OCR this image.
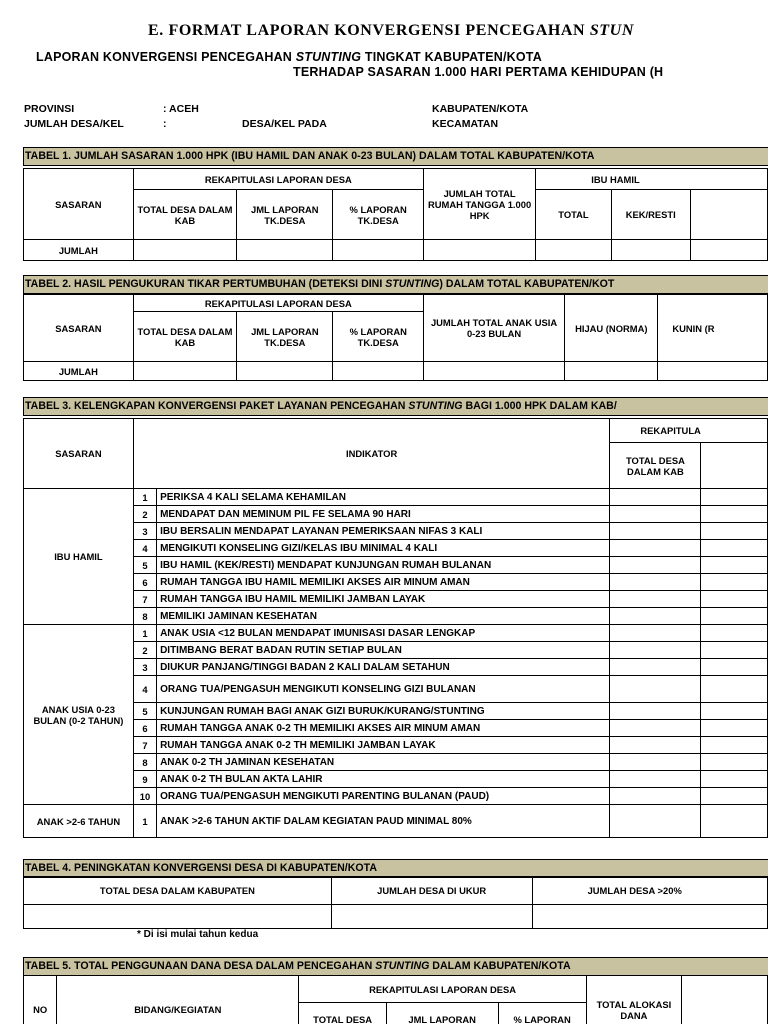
E. FORMAT LAPORAN KONVERGENSI PENCEGAHAN STUN
LAPORAN KONVERGENSI PENCEGAHAN STUNTING TINGKAT KABUPATEN/KOTA
TERHADAP SASARAN 1.000 HARI PERTAMA KEHIDUPAN (H
PROVINSI	: ACEH
JUMLAH DESA/KEL	:	DESA/KEL PADA
KABUPATEN/KOTA
KECAMATAN
TABEL 1. JUMLAH SASARAN 1.000 HPK (IBU HAMIL DAN ANAK 0-23 BULAN) DALAM TOTAL KABUPATEN/KOTA
SASARAN	REKAPITULASI LAPORAN DESA			JUMLAH TOTAL RUMAH TANGGA 1.000 HPK	IBU HAMIL		
	TOTAL DESA DALAM KAB	JML LAPORAN TK.DESA	% LAPORAN TK.DESA		TOTAL	KEK/RESTI	
JUMLAH							
TABEL 2. HASIL PENGUKURAN TIKAR PERTUMBUHAN (DETEKSI DINI STUNTING) DALAM TOTAL KABUPATEN/KOT
SASARAN	REKAPITULASI LAPORAN DESA			JUMLAH TOTAL ANAK USIA 0-23 BULAN	HIJAU (NORMA)	KUNIN (R
	TOTAL DESA DALAM KAB	JML LAPORAN TK.DESA	% LAPORAN TK.DESA			
JUMLAH						
TABEL 3. KELENGKAPAN KONVERGENSI PAKET LAYANAN PENCEGAHAN STUNTING BAGI 1.000 HPK DALAM KAB/
SASARAN	INDIKATOR		REKAPITULA	
			TOTAL DESA DALAM KAB	
IBU HAMIL	1	PERIKSA 4 KALI SELAMA KEHAMILAN		
	2	MENDAPAT DAN MEMINUM PIL FE SELAMA 90 HARI		
	3	IBU BERSALIN MENDAPAT LAYANAN PEMERIKSAAN NIFAS 3 KALI		
	4	MENGIKUTI KONSELING GIZI/KELAS IBU MINIMAL 4 KALI		
	5	IBU HAMIL (KEK/RESTI) MENDAPAT KUNJUNGAN RUMAH BULANAN		
	6	RUMAH TANGGA IBU HAMIL MEMILIKI AKSES AIR MINUM AMAN		
	7	RUMAH TANGGA IBU HAMIL MEMILIKI JAMBAN LAYAK		
	8	MEMILIKI JAMINAN KESEHATAN		
ANAK USIA 0-23 BULAN (0-2 TAHUN)	1	ANAK USIA <12 BULAN MENDAPAT IMUNISASI DASAR LENGKAP		
	2	DITIMBANG BERAT BADAN RUTIN SETIAP BULAN		
	3	DIUKUR PANJANG/TINGGI BADAN 2 KALI DALAM SETAHUN		
	4	ORANG TUA/PENGASUH MENGIKUTI KONSELING GIZI BULANAN		
	5	KUNJUNGAN RUMAH BAGI ANAK GIZI BURUK/KURANG/STUNTING		
	6	RUMAH TANGGA ANAK 0-2 TH MEMILIKI AKSES AIR MINUM AMAN		
	7	RUMAH TANGGA ANAK 0-2 TH MEMILIKI JAMBAN LAYAK		
	8	ANAK 0-2 TH JAMINAN KESEHATAN		
	9	ANAK 0-2 TH BULAN AKTA LAHIR		
	10	ORANG TUA/PENGASUH MENGIKUTI PARENTING BULANAN (PAUD)		
ANAK >2-6 TAHUN	1	ANAK >2-6 TAHUN AKTIF DALAM KEGIATAN PAUD MINIMAL 80%		
TABEL 4. PENINGKATAN KONVERGENSI DESA DI KABUPATEN/KOTA
TOTAL DESA DALAM KABUPATEN	JUMLAH DESA DI UKUR	JUMLAH DESA >20%

* Di isi mulai tahun kedua
TABEL 5. TOTAL PENGGUNAAN DANA DESA DALAM PENCEGAHAN STUNTING DALAM KABUPATEN/KOTA
NO	BIDANG/KEGIATAN	REKAPITULASI LAPORAN DESA			TOTAL ALOKASI DANA	
		TOTAL DESA	JML LAPORAN	% LAPORAN		
